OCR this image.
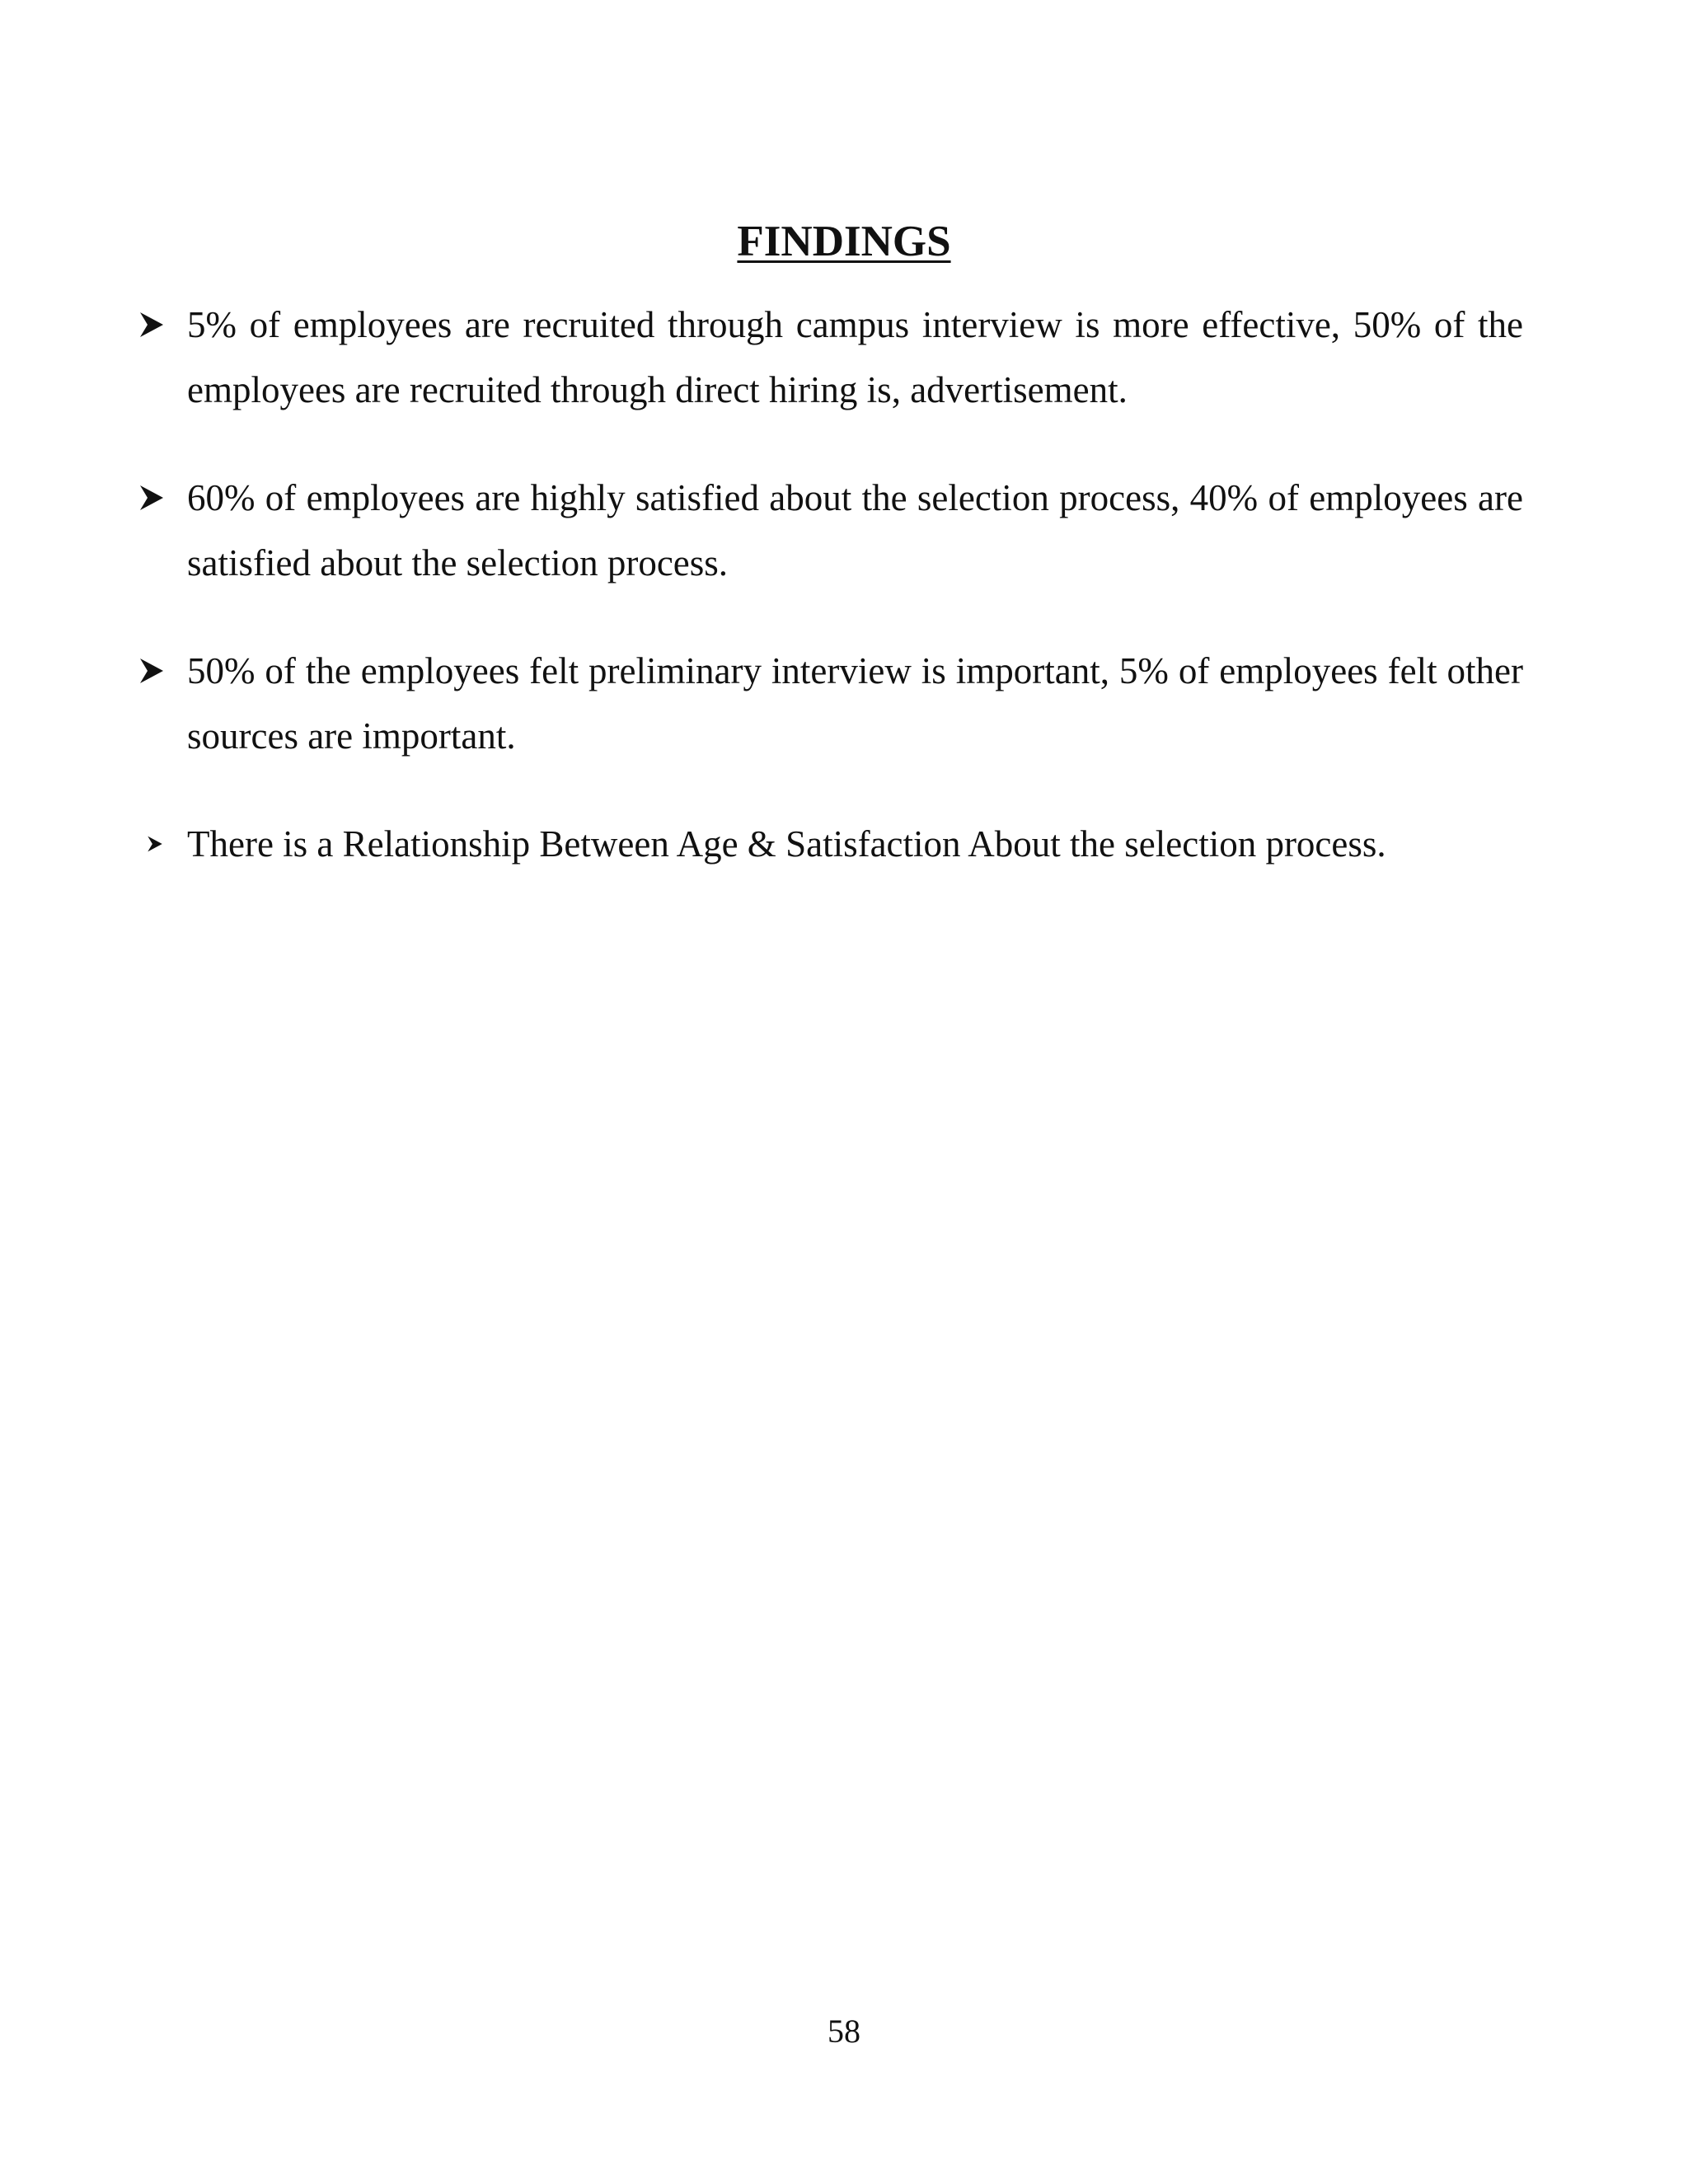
FINDINGS
5% of employees are recruited through campus interview is more effective, 50% of the employees are recruited through direct hiring is, advertisement.
60% of employees are highly satisfied about the selection process, 40% of employees are satisfied about the selection process.
50% of the employees felt preliminary interview is important, 5% of employees felt other sources are important.
There is a Relationship Between Age & Satisfaction About the selection process.
58
